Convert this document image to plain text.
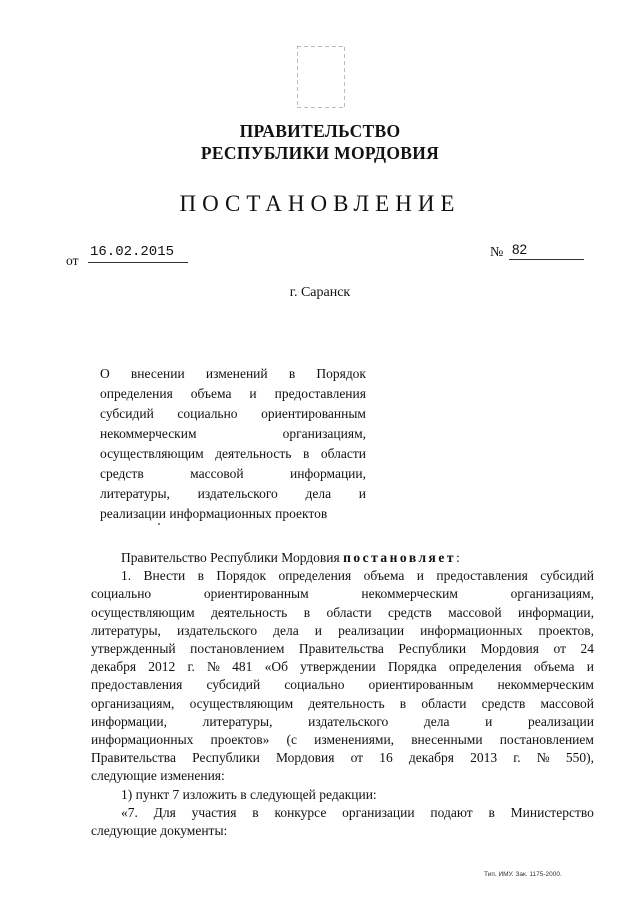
ПРАВИТЕЛЬСТВО
РЕСПУБЛИКИ МОРДОВИЯ
ПОСТАНОВЛЕНИЕ
от
16.02.2015	№ 82
г. Саранск
О внесении изменений в Порядок
определения объема и предоставления
субсидий социально ориентированным
некоммерческим	организациям,
осуществляющим деятельность в области
средств	массовой	информации,
литературы, издательского дела и
реализации информационных проектов
Правительство Республики Мордовия
постановляет :
1. Внести в Порядок определения объема и предоставления субсидий
социально	ориентированным	некоммерческим	организациям,
осуществляющим деятельность в области средств массовой информации,
литературы, издательского дела и реализации информационных проектов,
утвержденный постановлением Правительства Республики Мордовия от 24
декабря 2012 г. № 481 «Об утверждении Порядка определения объема и
предоставления субсидий социально ориентированным некоммерческим
организациям, осуществляющим деятельность в области средств массовой
информации,	литературы,	издательского	дела	и	реализации
информационных проектов» (с изменениями, внесенными постановлением
Правительства Республики Мордовия от 16 декабря 2013 г. № 550),
следующие изменения:
1) пункт 7 изложить в следующей редакции:
«7. Для участия в конкурсе организации подают в Министерство
следующие документы:
Тип. ИМУ. Зак. 1175-2000.
